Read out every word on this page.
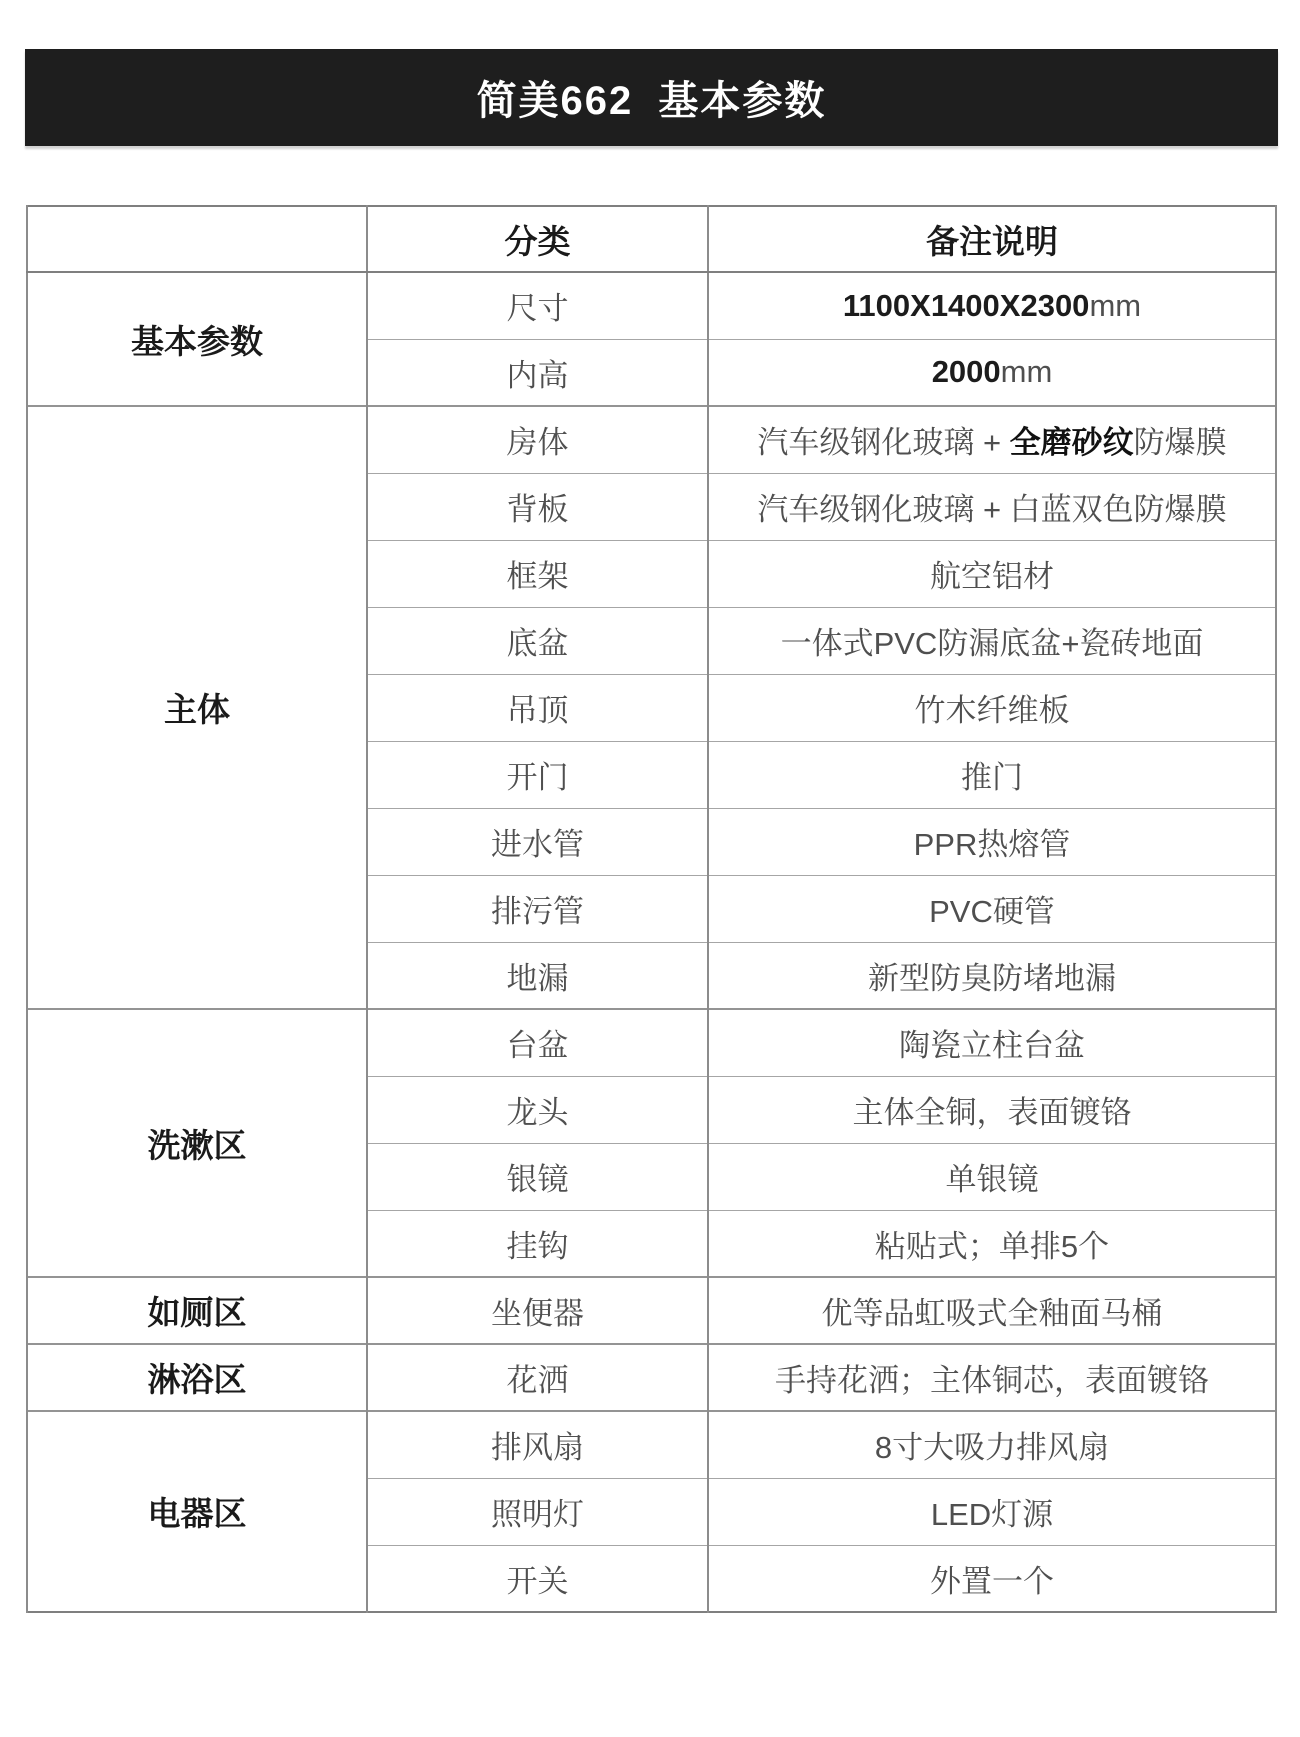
简美662 基本参数
	分类	备注说明
基本参数	尺寸	1100X1400X2300mm
	内高	2000mm
主体	房体	汽车级钢化玻璃 + 全磨砂纹防爆膜
	背板	汽车级钢化玻璃 + 白蓝双色防爆膜
	框架	航空铝材
	底盆	一体式PVC防漏底盆+瓷砖地面
	吊顶	竹木纤维板
	开门	推门
	进水管	PPR热熔管
	排污管	PVC硬管
	地漏	新型防臭防堵地漏
洗漱区	台盆	陶瓷立柱台盆
	龙头	主体全铜，表面镀铬
	银镜	单银镜
	挂钩	粘贴式；单排5个
如厕区	坐便器	优等品虹吸式全釉面马桶
淋浴区	花洒	手持花洒；主体铜芯，表面镀铬
电器区	排风扇	8寸大吸力排风扇
	照明灯	LED灯源
	开关	外置一个
